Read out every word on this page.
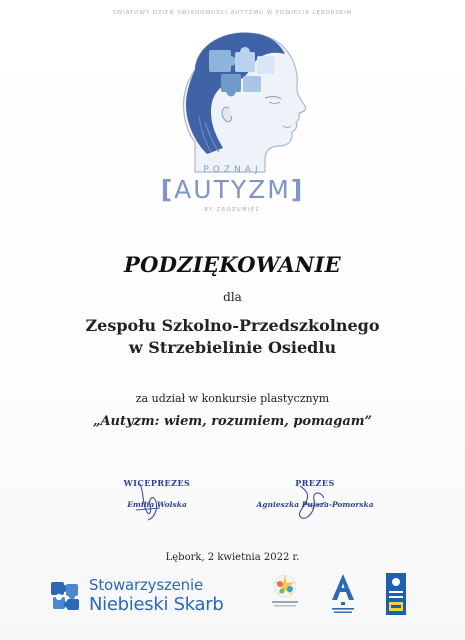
ŚWIATOWY DZIEŃ ŚWIADOMOŚCI AUTYZMU W POWIECIE LĘBORSKIM
POZNAJ
[AUTYZM]
BY ZROZUMIEĆ
PODZIĘKOWANIE
dla
Zespołu Szkolno-Przedszkolnego
w Strzebielinie Osiedlu
za udział w konkursie plastycznym
„Autyzm: wiem, rozumiem, pomagam”
WICEPREZES
Emilia Wolska
PREZES
Agnieszka Pujsza-Pomorska
Lębork, 2 kwietnia 2022 r.
Stowarzyszenie
Niebieski Skarb
